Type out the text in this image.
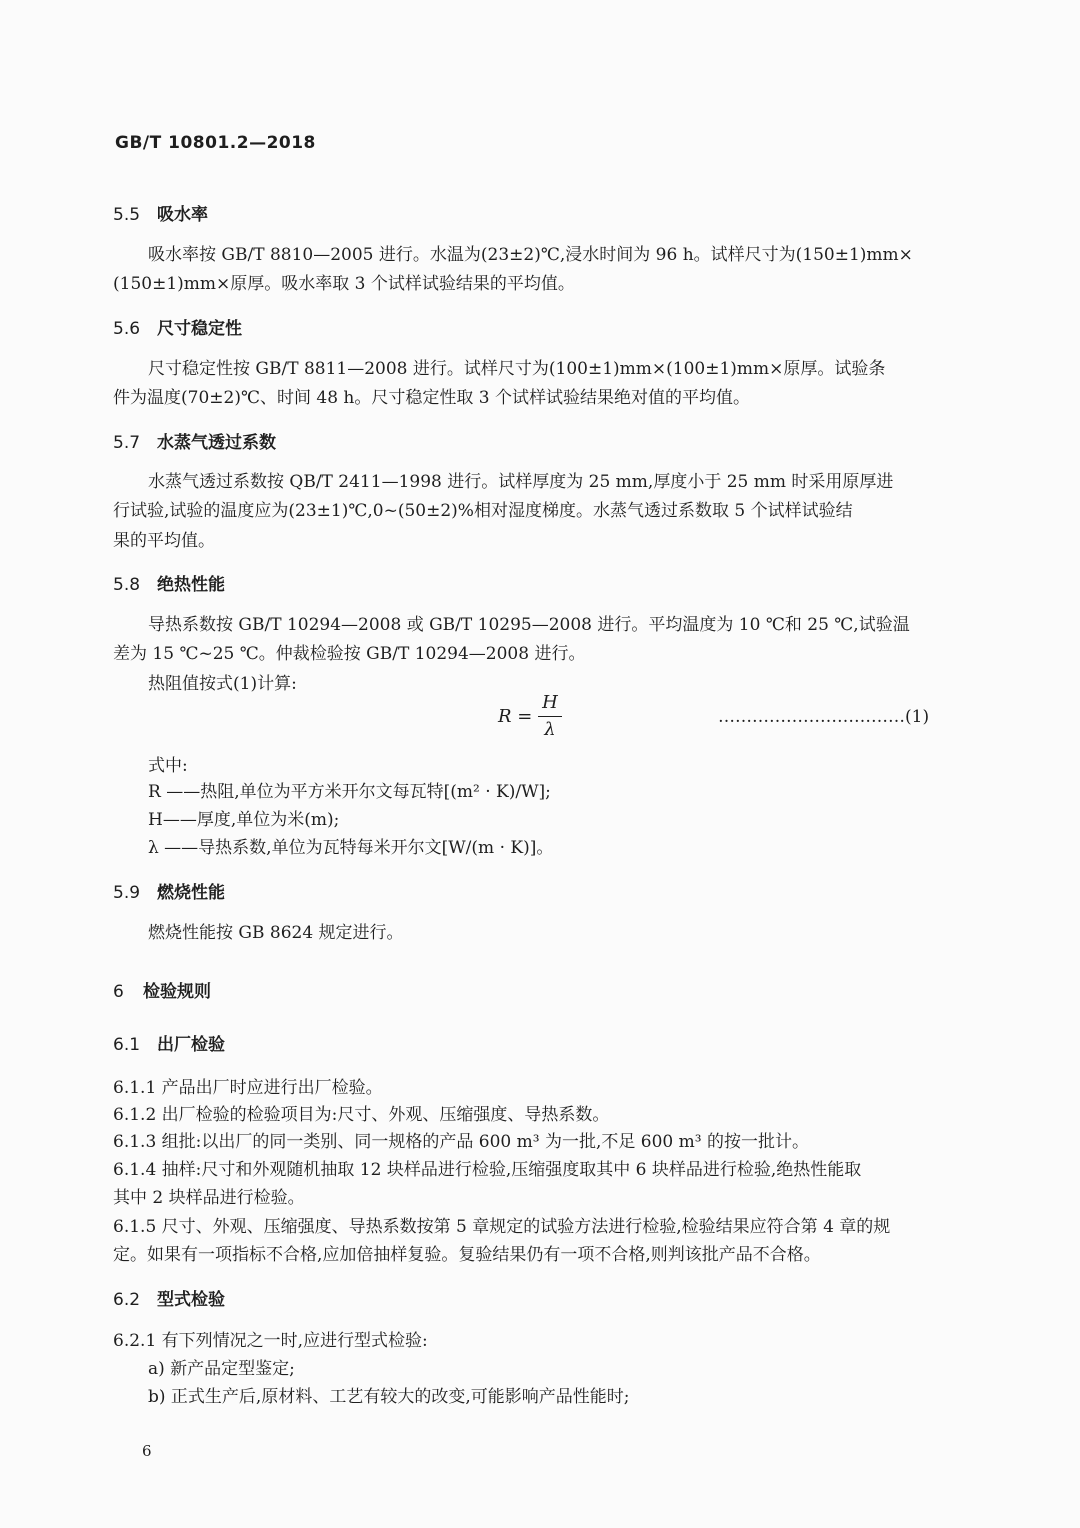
GB/T 10801.2—2018
5.5 吸水率
吸水率按 GB/T 8810—2005 进行。水温为(23±2)℃,浸水时间为 96 h。试样尺寸为(150±1)mm×
(150±1)mm×原厚。吸水率取 3 个试样试验结果的平均值。
5.6 尺寸稳定性
尺寸稳定性按 GB/T 8811—2008 进行。试样尺寸为(100±1)mm×(100±1)mm×原厚。试验条
件为温度(70±2)℃、时间 48 h。尺寸稳定性取 3 个试样试验结果绝对值的平均值。
5.7 水蒸气透过系数
水蒸气透过系数按 QB/T 2411—1998 进行。试样厚度为 25 mm,厚度小于 25 mm 时采用原厚进
行试验,试验的温度应为(23±1)℃,0~(50±2)%相对湿度梯度。水蒸气透过系数取 5 个试样试验结
果的平均值。
5.8 绝热性能
导热系数按 GB/T 10294—2008 或 GB/T 10295—2008 进行。平均温度为 10 ℃和 25 ℃,试验温
差为 15 ℃~25 ℃。仲裁检验按 GB/T 10294—2008 进行。
热阻值按式(1)计算:
R =
H
λ
……………………………(1)
式中:
R ——热阻,单位为平方米开尔文每瓦特[(m² · K)/W];
H——厚度,单位为米(m);
λ ——导热系数,单位为瓦特每米开尔文[W/(m · K)]。
5.9 燃烧性能
燃烧性能按 GB 8624 规定进行。
6 检验规则
6.1 出厂检验
6.1.1 产品出厂时应进行出厂检验。
6.1.2 出厂检验的检验项目为:尺寸、外观、压缩强度、导热系数。
6.1.3 组批:以出厂的同一类别、同一规格的产品 600 m³ 为一批,不足 600 m³ 的按一批计。
6.1.4 抽样:尺寸和外观随机抽取 12 块样品进行检验,压缩强度取其中 6 块样品进行检验,绝热性能取
其中 2 块样品进行检验。
6.1.5 尺寸、外观、压缩强度、导热系数按第 5 章规定的试验方法进行检验,检验结果应符合第 4 章的规
定。如果有一项指标不合格,应加倍抽样复验。复验结果仍有一项不合格,则判该批产品不合格。
6.2 型式检验
6.2.1 有下列情况之一时,应进行型式检验:
a) 新产品定型鉴定;
b) 正式生产后,原材料、工艺有较大的改变,可能影响产品性能时;
6
